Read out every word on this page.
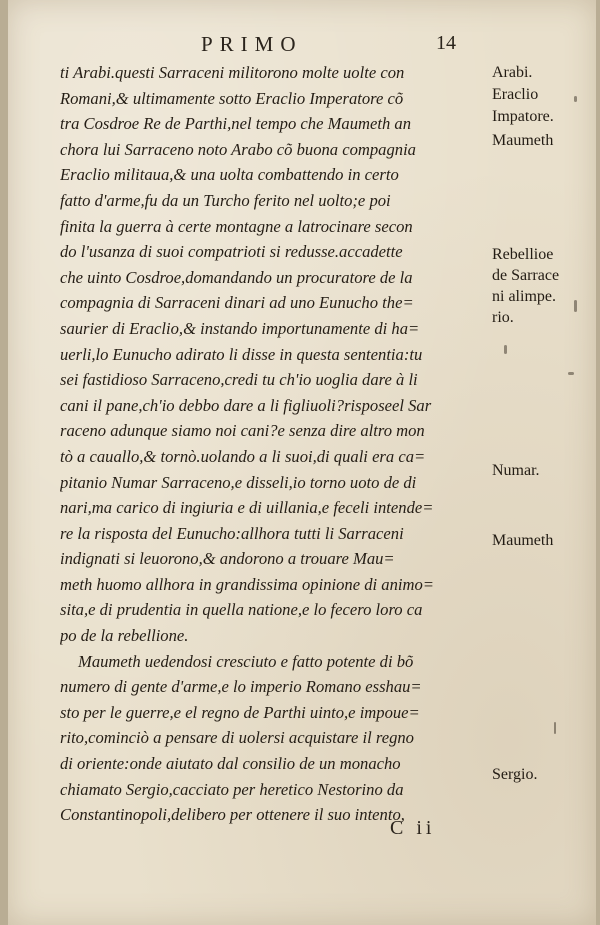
PRIMO	14
ti Arabi.questi Sarraceni militorono molte uolte con
Romani,& ultimamente sotto Eraclio Imperatore cõ
tra Cosdroe Re de Parthi,nel tempo che Maumeth an
chora lui Sarraceno noto Arabo cõ buona compagnia
Eraclio militaua,& una uolta combattendo in certo
fatto d'arme,fu da un Turcho ferito nel uolto;e poi
finita la guerra à certe montagne a latrocinare secon
do l'usanza di suoi compatrioti si redusse.accadette
che uinto Cosdroe,domandando un procuratore de la
compagnia di Sarraceni dinari ad uno Eunucho the=
saurier di Eraclio,& instando importunamente di ha=
uerli,lo Eunucho adirato li disse in questa sententia:tu
sei fastidioso Sarraceno,credi tu ch'io uoglia dare à li
cani il pane,ch'io debbo dare a li figliuoli?risposeel Sar
raceno adunque siamo noi cani?e senza dire altro mon
tò a cauallo,& tornò.uolando a li suoi,di quali era ca=
pitanio Numar Sarraceno,e disseli,io torno uoto de di
nari,ma carico di ingiuria e di uillania,e feceli intende=
re la risposta del Eunucho:allhora tutti li Sarraceni
indignati si leuorono,& andorono a trouare Mau=
meth huomo allhora in grandissima opinione di animo=
sita,e di prudentia in quella natione,e lo fecero loro ca
po de la rebellione.
Maumeth uedendosi cresciuto e fatto potente di bõ
numero di gente d'arme,e lo imperio Romano esshau=
sto per le guerre,e el regno de Parthi uinto,e impoue=
rito,cominciò a pensare di uolersi acquistare il regno
di oriente:onde aiutato dal consilio de un monacho
chiamato Sergio,cacciato per heretico Nestorino da
Constantinopoli,delibero per ottenere il suo intento,
Arabi.
Eraclio
Impatore.
Maumeth
Rebellioe
de Sarrace
ni alimpe.
rio.
Numar.
Maumeth
Sergio.
C ii
